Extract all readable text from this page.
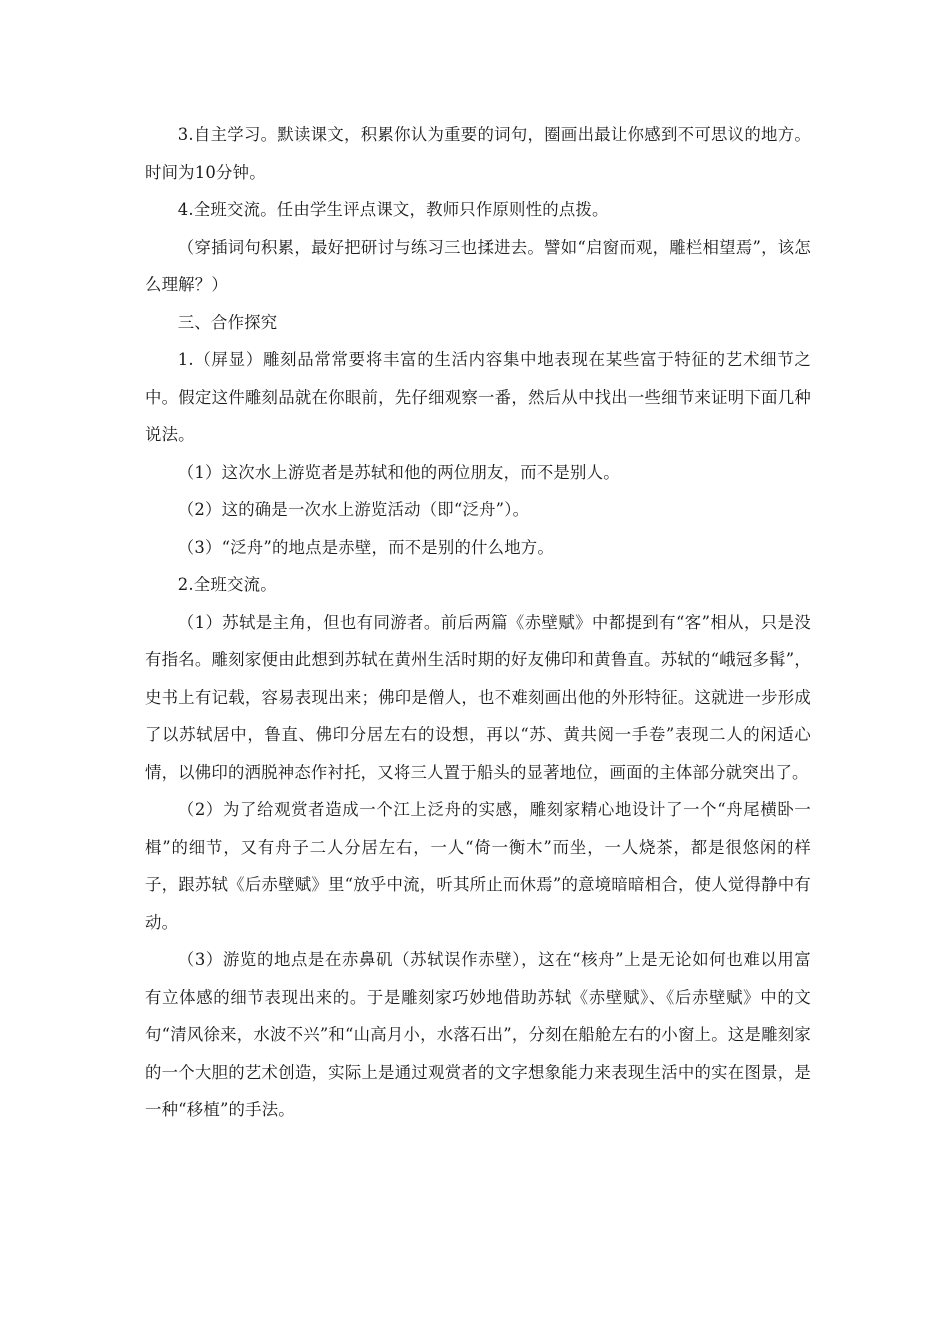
3.自主学习。默读课文，积累你认为重要的词句，圈画出最让你感到不可思议的地方。时间为10分钟。

4.全班交流。任由学生评点课文，教师只作原则性的点拨。

（穿插词句积累，最好把研讨与练习三也揉进去。譬如“启窗而观，雕栏相望焉”，该怎么理解？）

三、合作探究

1.（屏显）雕刻品常常要将丰富的生活内容集中地表现在某些富于特征的艺术细节之中。假定这件雕刻品就在你眼前，先仔细观察一番，然后从中找出一些细节来证明下面几种说法。

（1）这次水上游览者是苏轼和他的两位朋友，而不是别人。

（2）这的确是一次水上游览活动（即“泛舟”）。

（3）“泛舟”的地点是赤壁，而不是别的什么地方。

2.全班交流。

（1）苏轼是主角，但也有同游者。前后两篇《赤壁赋》中都提到有“客”相从，只是没有指名。雕刻家便由此想到苏轼在黄州生活时期的好友佛印和黄鲁直。苏轼的“峨冠多髯”，史书上有记载，容易表现出来；佛印是僧人，也不难刻画出他的外形特征。这就进一步形成了以苏轼居中，鲁直、佛印分居左右的设想，再以“苏、黄共阅一手卷”表现二人的闲适心情，以佛印的洒脱神态作衬托，又将三人置于船头的显著地位，画面的主体部分就突出了。

（2）为了给观赏者造成一个江上泛舟的实感，雕刻家精心地设计了一个“舟尾横卧一楫”的细节，又有舟子二人分居左右，一人“倚一衡木”而坐，一人烧茶，都是很悠闲的样子，跟苏轼《后赤壁赋》里“放乎中流，听其所止而休焉”的意境暗暗相合，使人觉得静中有动。

（3）游览的地点是在赤鼻矶（苏轼误作赤壁），这在“核舟”上是无论如何也难以用富有立体感的细节表现出来的。于是雕刻家巧妙地借助苏轼《赤壁赋》、《后赤壁赋》中的文句“清风徐来，水波不兴”和“山高月小，水落石出”，分刻在船舱左右的小窗上。这是雕刻家的一个大胆的艺术创造，实际上是通过观赏者的文字想象能力来表现生活中的实在图景，是一种“移植”的手法。
